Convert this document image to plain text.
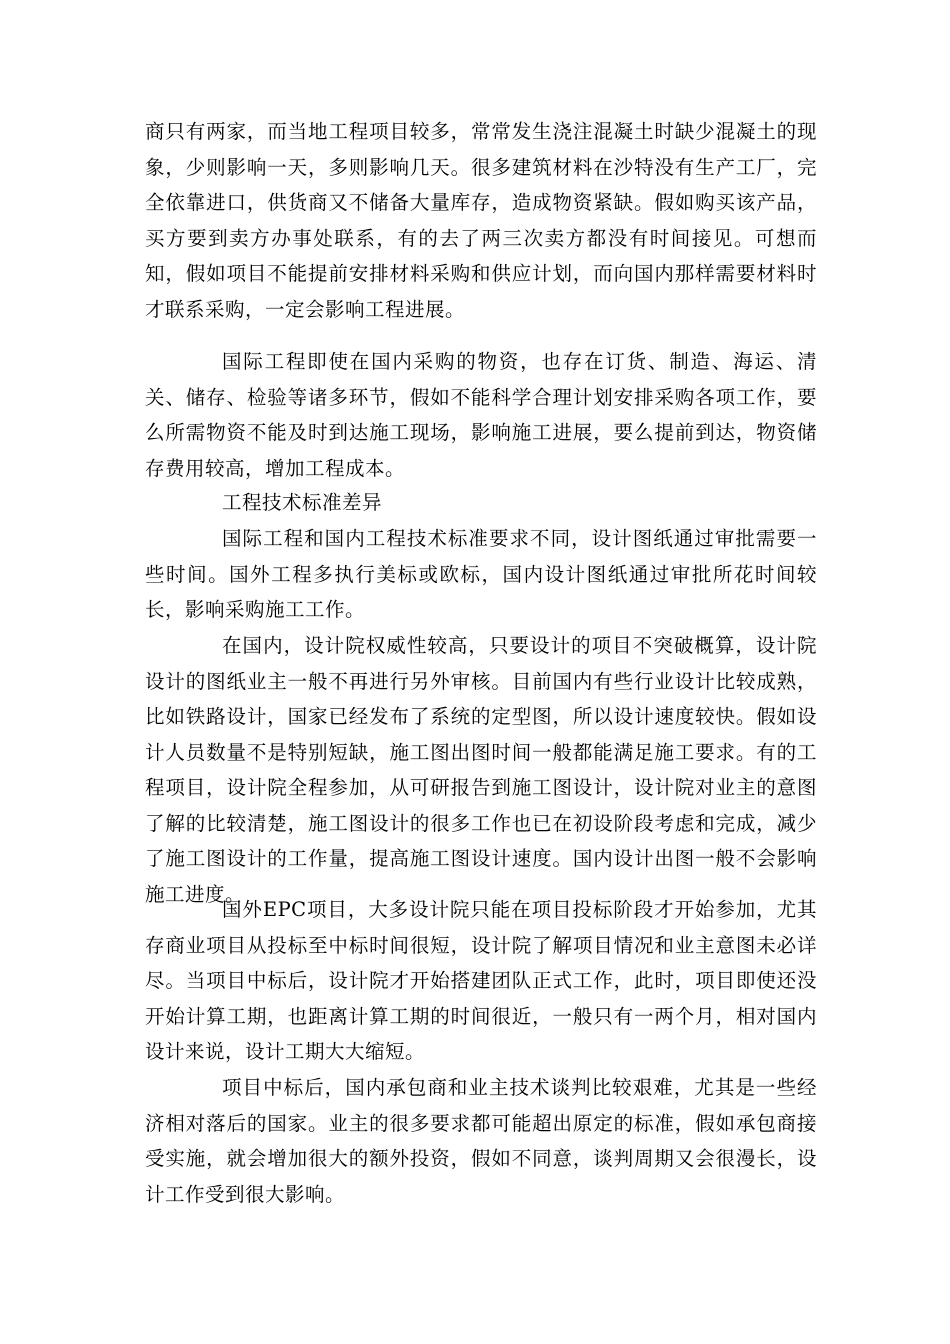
商只有两家，而当地工程项目较多，常常发生浇注混凝土时缺少混凝土的现象，少则影响一天，多则影响几天。很多建筑材料在沙特没有生产工厂，完全依靠进口，供货商又不储备大量库存，造成物资紧缺。假如购买该产品，买方要到卖方办事处联系，有的去了两三次卖方都没有时间接见。可想而知，假如项目不能提前安排材料采购和供应计划，而向国内那样需要材料时才联系采购，一定会影响工程进展。

国际工程即使在国内采购的物资，也存在订货、制造、海运、清关、储存、检验等诸多环节，假如不能科学合理计划安排采购各项工作，要么所需物资不能及时到达施工现场，影响施工进展，要么提前到达，物资储存费用较高，增加工程成本。

工程技术标准差异

国际工程和国内工程技术标准要求不同，设计图纸通过审批需要一些时间。国外工程多执行美标或欧标，国内设计图纸通过审批所花时间较长，影响采购施工工作。

在国内，设计院权威性较高，只要设计的项目不突破概算，设计院设计的图纸业主一般不再进行另外审核。目前国内有些行业设计比较成熟，比如铁路设计，国家已经发布了系统的定型图，所以设计速度较快。假如设计人员数量不是特别短缺，施工图出图时间一般都能满足施工要求。有的工程项目，设计院全程参加，从可研报告到施工图设计，设计院对业主的意图了解的比较清楚，施工图设计的很多工作也已在初设阶段考虑和完成，减少了施工图设计的工作量，提高施工图设计速度。国内设计出图一般不会影响施工进度。

国外EPC项目，大多设计院只能在项目投标阶段才开始参加，尤其存商业项目从投标至中标时间很短，设计院了解项目情况和业主意图未必详尽。当项目中标后，设计院才开始搭建团队正式工作，此时，项目即使还没开始计算工期，也距离计算工期的时间很近，一般只有一两个月，相对国内设计来说，设计工期大大缩短。

项目中标后，国内承包商和业主技术谈判比较艰难，尤其是一些经济相对落后的国家。业主的很多要求都可能超出原定的标准，假如承包商接受实施，就会增加很大的额外投资，假如不同意，谈判周期又会很漫长，设计工作受到很大影响。
